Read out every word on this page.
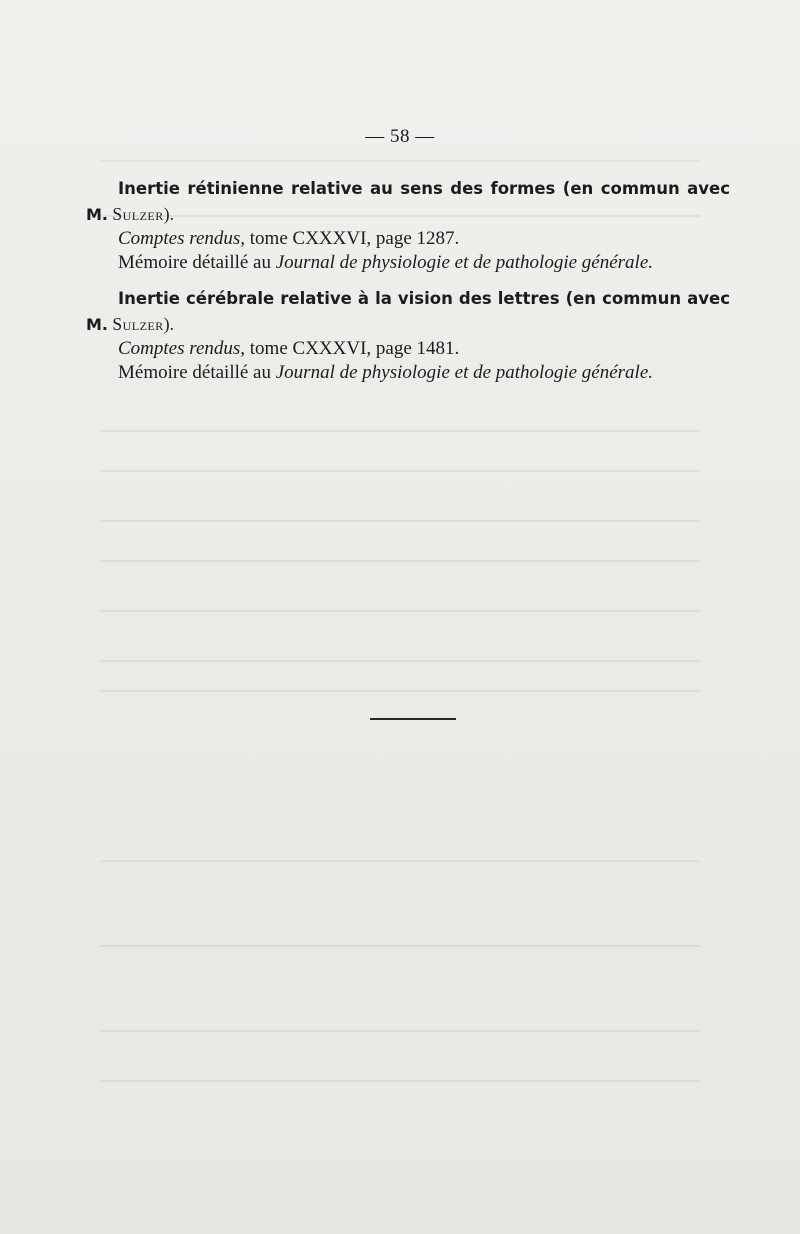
— 58 —
Inertie rétinienne relative au sens des formes (en commun avec
M. Sulzer).
Comptes rendus, tome CXXXVI, page 1287.
Mémoire détaillé au Journal de physiologie et de pathologie générale.
Inertie cérébrale relative à la vision des lettres (en commun avec
M. Sulzer).
Comptes rendus, tome CXXXVI, page 1481.
Mémoire détaillé au Journal de physiologie et de pathologie générale.
